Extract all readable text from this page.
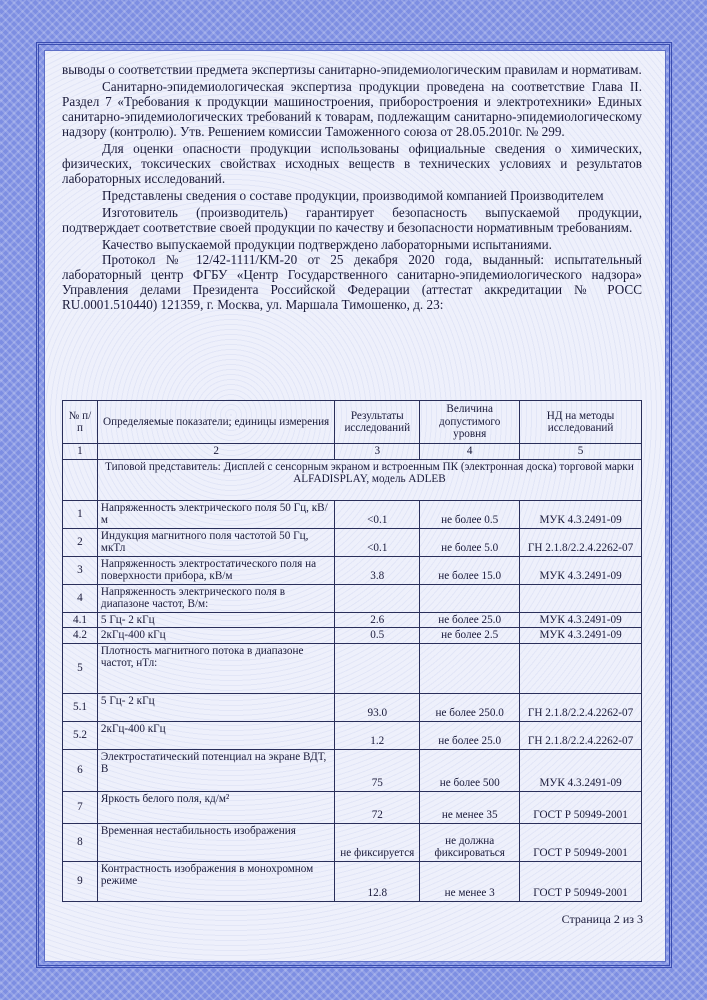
выводы о соответствии предмета экспертизы санитарно-эпидемиологическим правилам и нормативам.

Санитарно-эпидемиологическая экспертиза продукции проведена на соответствие Глава II. Раздел 7 «Требования к продукции машиностроения, приборостроения и электротехники» Единых санитарно-эпидемиологических требований к товарам, подлежащим санитарно-эпидемиологическому надзору (контролю). Утв. Решением комиссии Таможенного союза от 28.05.2010г. № 299.

Для оценки опасности продукции использованы официальные сведения о химических, физических, токсических свойствах исходных веществ в технических условиях и результатов лабораторных исследований.

Представлены сведения о составе продукции, производимой компанией Производителем

Изготовитель (производитель) гарантирует безопасность выпускаемой продукции, подтверждает соответствие своей продукции по качеству и безопасности нормативным требованиям.

Качество выпускаемой продукции подтверждено лабораторными испытаниями.

Протокол № 12/42-1111/КМ-20 от 25 декабря 2020 года, выданный: испытательный лабораторный центр ФГБУ «Центр Государственного санитарно-эпидемиологического надзора» Управления делами Президента Российской Федерации (аттестат аккредитации № РОСС RU.0001.510440) 121359, г. Москва, ул. Маршала Тимошенко, д. 23:

№ п/п	Определяемые показатели; единицы измерения	Результаты исследований	Величина допустимого уровня	НД на методы исследований
1	2	3	4	5
	Типовой представитель: Дисплей с сенсорным экраном и встроенным ПК (электронная доска) торговой марки ALFADISPLAY, модель ADLEB			
1	Напряженность электрического поля 50 Гц, кВ/м	<0.1	не более 0.5	МУК 4.3.2491-09
2	Индукция магнитного поля частотой 50 Гц, мкТл	<0.1	не более 5.0	ГН 2.1.8/2.2.4.2262-07
3	Напряженность электростатического поля на поверхности прибора, кВ/м	3.8	не более 15.0	МУК 4.3.2491-09
4	Напряженность электрического поля в диапазоне частот, В/м:			
4.1	5 Гц- 2 кГц	2.6	не более 25.0	МУК 4.3.2491-09
4.2	2кГц-400 кГц	0.5	не более 2.5	МУК 4.3.2491-09
5	Плотность магнитного потока в диапазоне частот, нТл:			
5.1	5 Гц- 2 кГц	93.0	не более 250.0	ГН 2.1.8/2.2.4.2262-07
5.2	2кГц-400 кГц	1.2	не более 25.0	ГН 2.1.8/2.2.4.2262-07
6	Электростатический потенциал на экране ВДТ, В	75	не более 500	МУК 4.3.2491-09
7	Яркость белого поля, кд/м²	72	не менее 35	ГОСТ Р 50949-2001
8	Временная нестабильность изображения	не фиксируется	не должна фиксироваться	ГОСТ Р 50949-2001
9	Контрастность изображения в монохромном режиме	12.8	не менее 3	ГОСТ Р 50949-2001
Страница 2 из 3
